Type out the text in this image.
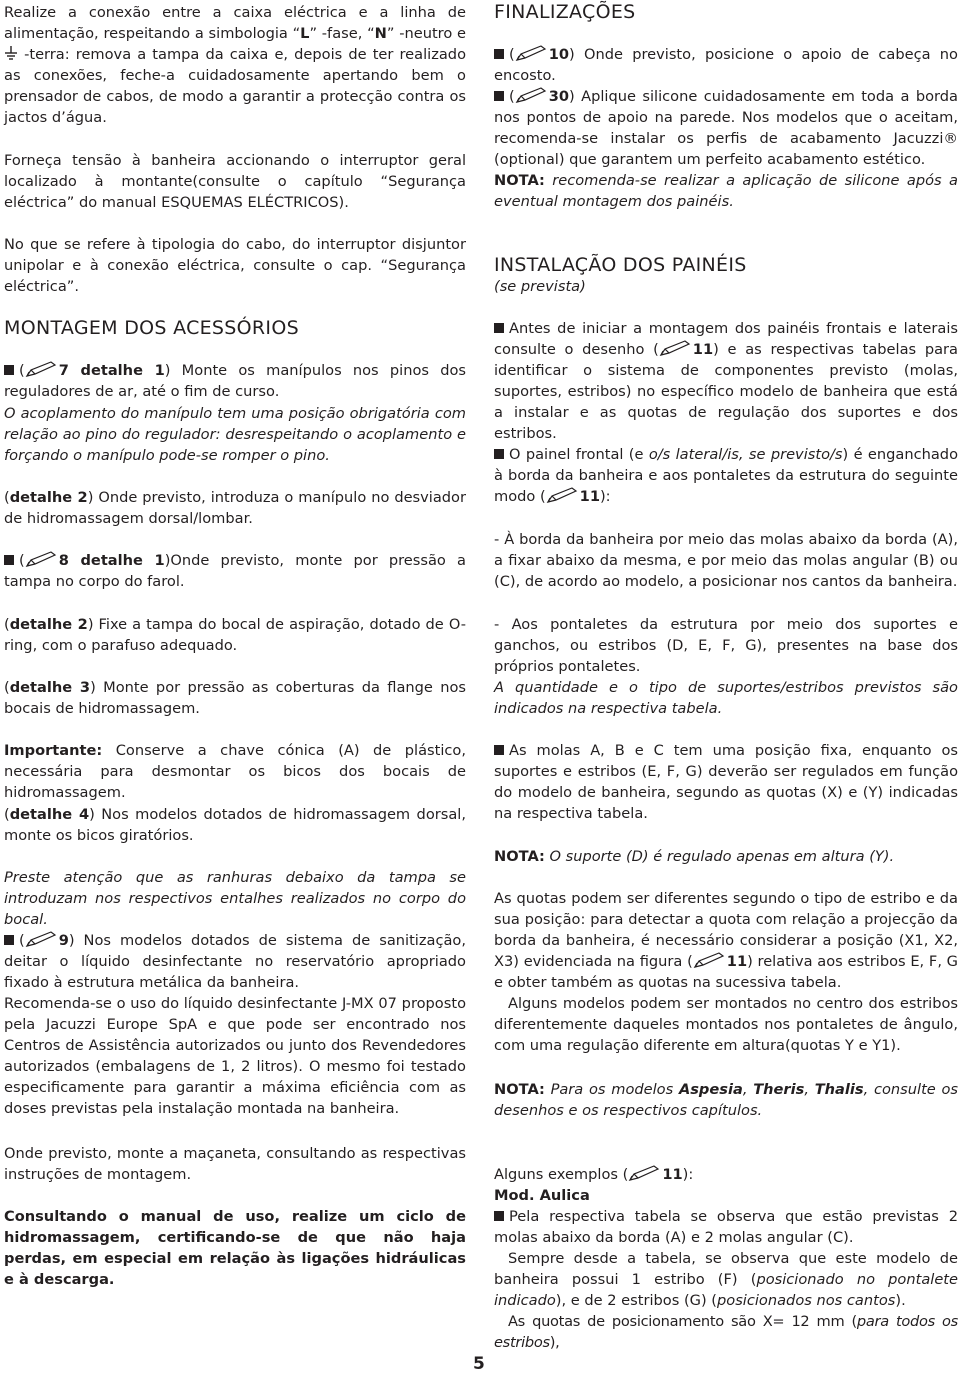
Realize a conexão entre a caixa eléctrica e a linha de alimentação, respeitando a simbologia “L” -fase, “N” -neutro e  -terra: remova a tampa da caixa e, depois de ter realizado as conexões, feche-a cuidadosamente apertando bem o prensador de cabos, de modo a garantir a protecção contra os jactos d’água.

Forneça tensão à banheira accionando o interruptor geral localizado à montante(consulte o capítulo “Segurança eléctrica” do manual ESQUEMAS ELÉCTRICOS).

No que se refere à tipologia do cabo, do interruptor disjuntor unipolar e à conexão eléctrica, consulte o cap. “Segurança eléctrica”.

MONTAGEM DOS ACESSÓRIOS

( 7 detalhe 1) Monte os manípulos nos pinos dos reguladores de ar, até o fim de curso.

O acoplamento do manípulo tem uma posição obrigatória com relação ao pino do regulador: desrespeitando o acoplamento e forçando o manípulo pode-se romper o pino.

(detalhe 2) Onde previsto, introduza o manípulo no desviador de hidromassagem dorsal/lombar.

( 8 detalhe 1)Onde previsto, monte por pressão a tampa no corpo do farol.

(detalhe 2) Fixe a tampa do bocal de aspiração, dotado de O-ring, com o parafuso adequado.

(detalhe 3) Monte por pressão as coberturas da flange nos bocais de hidromassagem.

Importante: Conserve a chave cónica (A) de plástico, necessária para desmontar os bicos dos bocais de hidromassagem.

(detalhe 4) Nos modelos dotados de hidromassagem dorsal, monte os bicos giratórios.

Preste atenção que as ranhuras debaixo da tampa se introduzam nos respectivos entalhes realizados no corpo do bocal.

( 9) Nos modelos dotados de sistema de sanitização, deitar o líquido desinfectante no reservatório apropriado fixado à estrutura metálica da banheira.

Recomenda-se o uso do líquido desinfectante J-MX 07 proposto pela Jacuzzi Europe SpA e que pode ser encontrado nos Centros de Assistência autorizados ou junto dos Revendedores autorizados (embalagens de 1, 2 litros). O mesmo foi testado especificamente para garantir a máxima eficiência com as doses previstas pela instalação montada na banheira.

Onde previsto, monte a maçaneta, consultando as respectivas instruções de montagem.

Consultando o manual de uso, realize um ciclo de hidromassagem, certificando-se de que não haja perdas, em especial em relação às ligações hidráulicas e à descarga.

FINALIZAÇÕES

( 10) Onde previsto, posicione o apoio de cabeça no encosto.

( 30) Aplique silicone cuidadosamente em toda a borda nos pontos de apoio na parede. Nos modelos que o aceitam, recomenda-se instalar os perfis de acabamento Jacuzzi® (optional) que garantem um perfeito acabamento estético.
NOTA: recomenda-se realizar a aplicação de silicone após a eventual montagem dos painéis.

INSTALAÇÃO DOS PAINÉIS
(se prevista)

Antes de iniciar a montagem dos painéis frontais e laterais consulte o desenho ( 11) e as respectivas tabelas para identificar o sistema de componentes previsto (molas, suportes, estribos) no específico modelo de banheira que está a instalar e as quotas de regulação dos suportes e dos estribos.

O painel frontal (e o/s lateral/is, se previsto/s) é enganchado à borda da banheira e aos pontaletes da estrutura do seguinte modo ( 11):

- À borda da banheira por meio das molas abaixo da borda (A), a fixar abaixo da mesma, e por meio das molas angular (B) ou (C), de acordo ao modelo, a posicionar nos cantos da banheira.

- Aos pontaletes da estrutura por meio dos suportes e ganchos, ou estribos (D, E, F, G), presentes na base dos próprios pontaletes.

A quantidade e o tipo de suportes/estribos previstos são indicados na respectiva tabela.

As molas A, B e C tem uma posição fixa, enquanto os suportes e estribos (E, F, G) deverão ser regulados em função do modelo de banheira, segundo as quotas (X) e (Y) indicadas na respectiva tabela.

NOTA: O suporte (D) é regulado apenas em altura (Y).

As quotas podem ser diferentes segundo o tipo de estribo e da sua posição: para detectar a quota com relação a projecção da borda da banheira, é necessário considerar a posição (X1, X2, X3) evidenciada na figura ( 11) relativa aos estribos E, F, G e obter também as quotas na sucessiva tabela.

Alguns modelos podem ser montados no centro dos estribos diferentemente daqueles montados nos pontaletes de ângulo, com uma regulação diferente em altura(quotas Y e Y1).

NOTA: Para os modelos Aspesia, Theris, Thalis, consulte os desenhos e os respectivos capítulos.

Alguns exemplos ( 11):
Mod. Aulica

Pela respectiva tabela se observa que estão previstas 2 molas abaixo da borda (A) e 2 molas angular (C).

Sempre desde a tabela, se observa que este modelo de banheira possui 1 estribo (F) (posicionado no pontalete indicado), e de 2 estribos (G) (posicionados nos cantos).

As quotas de posicionamento são X= 12 mm (para todos os estribos),

5
